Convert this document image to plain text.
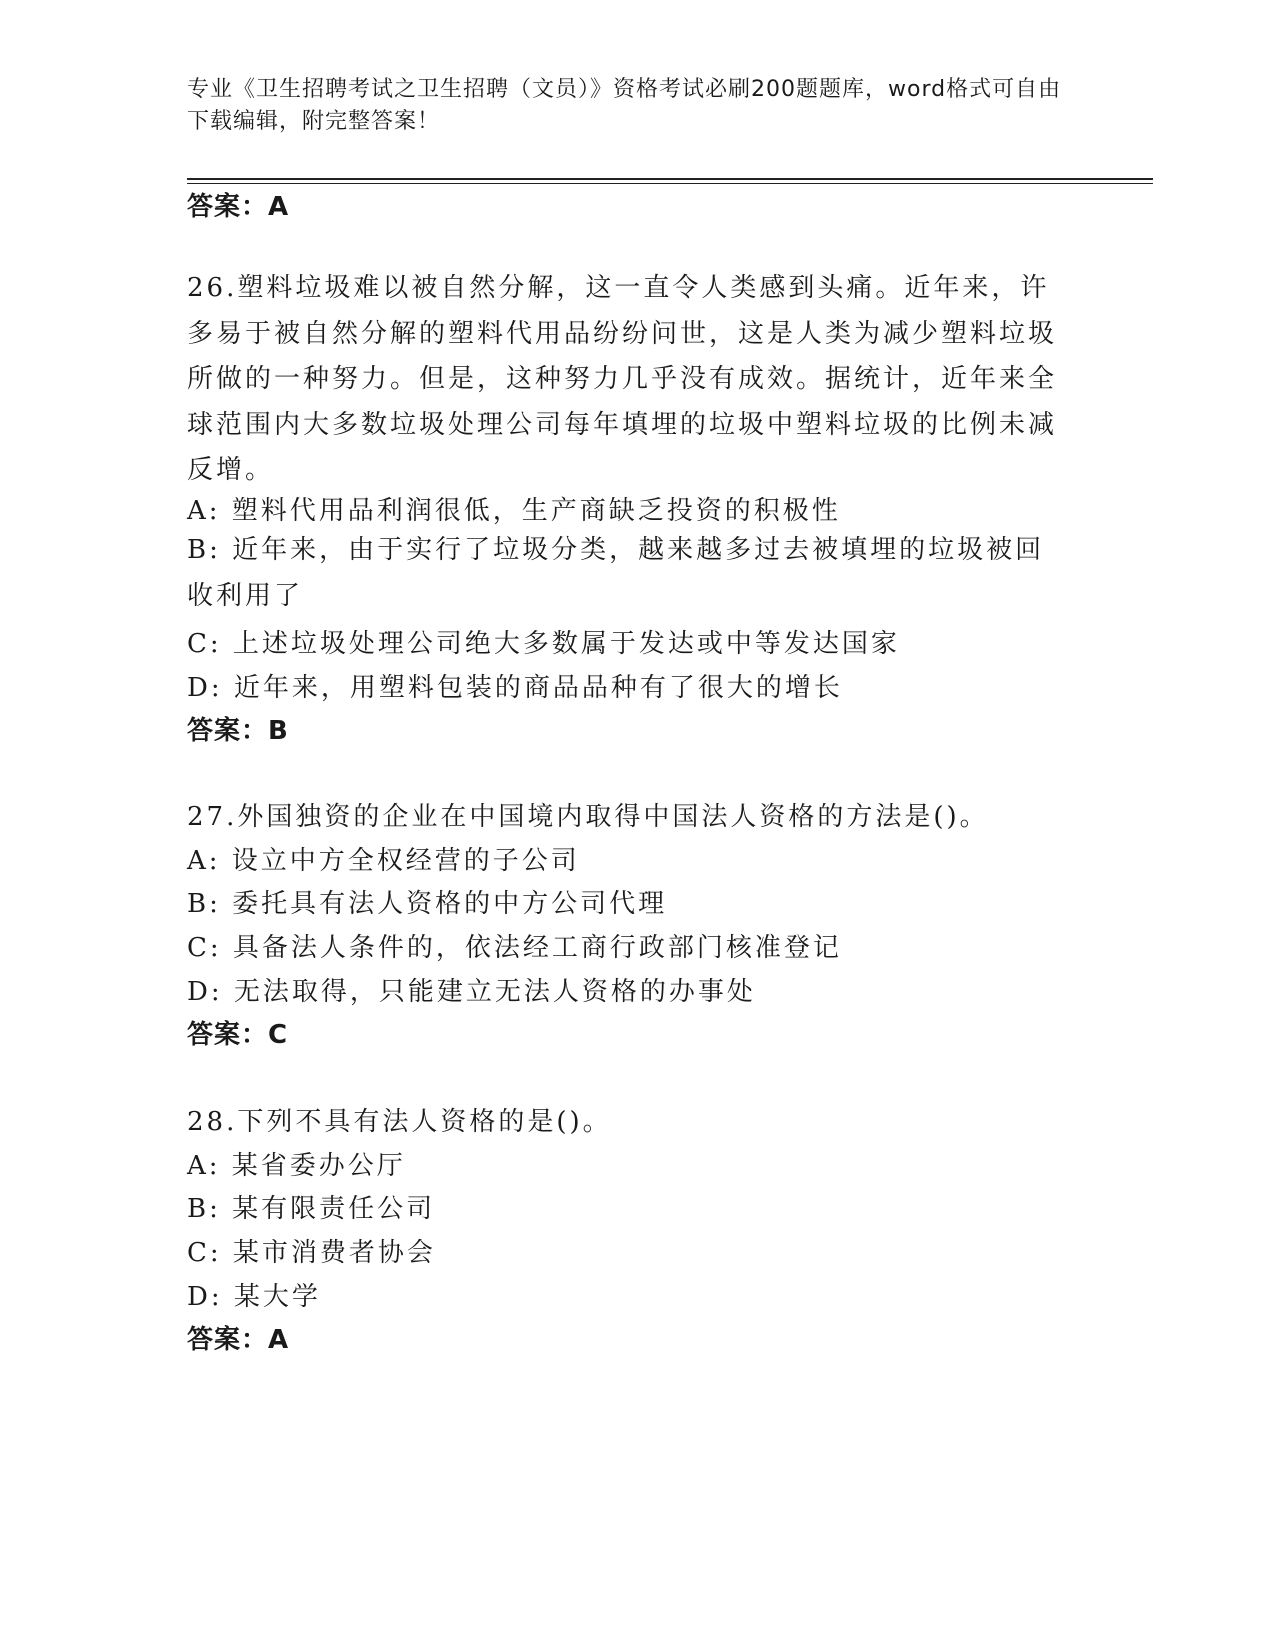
专业《卫生招聘考试之卫生招聘（文员）》资格考试必刷200题题库，word格式可自由下载编辑，附完整答案！
答案：A
26.塑料垃圾难以被自然分解，这一直令人类感到头痛。近年来，许多易于被自然分解的塑料代用品纷纷问世，这是人类为减少塑料垃圾所做的一种努力。但是，这种努力几乎没有成效。据统计，近年来全球范围内大多数垃圾处理公司每年填埋的垃圾中塑料垃圾的比例未减反增。
A: 塑料代用品利润很低，生产商缺乏投资的积极性
B: 近年来，由于实行了垃圾分类，越来越多过去被填埋的垃圾被回收利用了
C: 上述垃圾处理公司绝大多数属于发达或中等发达国家
D: 近年来，用塑料包装的商品品种有了很大的增长
答案：B
27.外国独资的企业在中国境内取得中国法人资格的方法是()。
A: 设立中方全权经营的子公司
B: 委托具有法人资格的中方公司代理
C: 具备法人条件的，依法经工商行政部门核准登记
D: 无法取得，只能建立无法人资格的办事处
答案：C
28.下列不具有法人资格的是()。
A: 某省委办公厅
B: 某有限责任公司
C: 某市消费者协会
D: 某大学
答案：A
